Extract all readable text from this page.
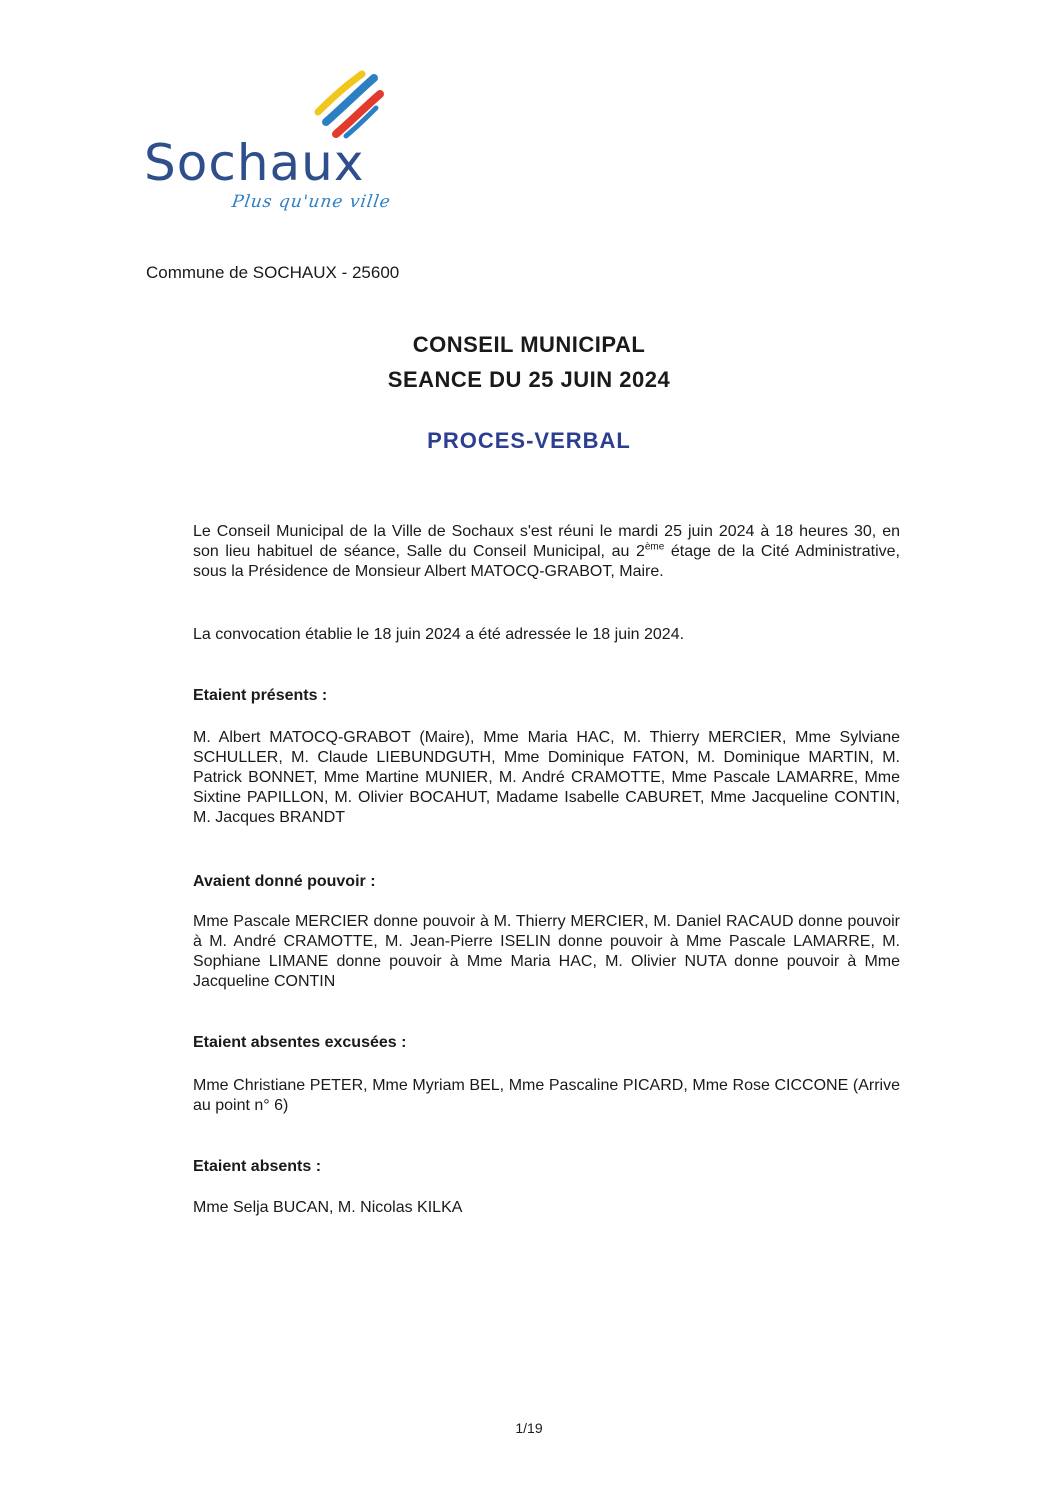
Sochaux
Plus qu'une ville
Commune de SOCHAUX - 25600
CONSEIL MUNICIPAL
SEANCE DU 25 JUIN 2024
PROCES-VERBAL
Le Conseil Municipal de la Ville de Sochaux s'est réuni le mardi 25 juin 2024 à 18 heures 30, en son lieu habituel de séance, Salle du Conseil Municipal, au 2ème étage de la Cité Administrative, sous la Présidence de Monsieur Albert MATOCQ-GRABOT, Maire.
La convocation établie le 18 juin 2024 a été adressée le 18 juin 2024.
Etaient présents :
M. Albert MATOCQ-GRABOT (Maire), Mme Maria HAC, M. Thierry MERCIER, Mme Sylviane SCHULLER, M. Claude LIEBUNDGUTH, Mme Dominique FATON, M. Dominique MARTIN, M. Patrick BONNET, Mme Martine MUNIER, M. André CRAMOTTE, Mme Pascale LAMARRE, Mme Sixtine PAPILLON, M. Olivier BOCAHUT, Madame Isabelle CABURET, Mme Jacqueline CONTIN, M. Jacques BRANDT
Avaient donné pouvoir :
Mme Pascale MERCIER donne pouvoir à M. Thierry MERCIER, M. Daniel RACAUD donne pouvoir à M. André CRAMOTTE, M. Jean-Pierre ISELIN donne pouvoir à Mme Pascale LAMARRE, M. Sophiane LIMANE donne pouvoir à Mme Maria HAC, M. Olivier NUTA donne pouvoir à Mme Jacqueline CONTIN
Etaient absentes excusées :
Mme Christiane PETER, Mme Myriam BEL, Mme Pascaline PICARD, Mme Rose CICCONE (Arrive au point n° 6)
Etaient absents :
Mme Selja BUCAN, M. Nicolas KILKA
1/19
